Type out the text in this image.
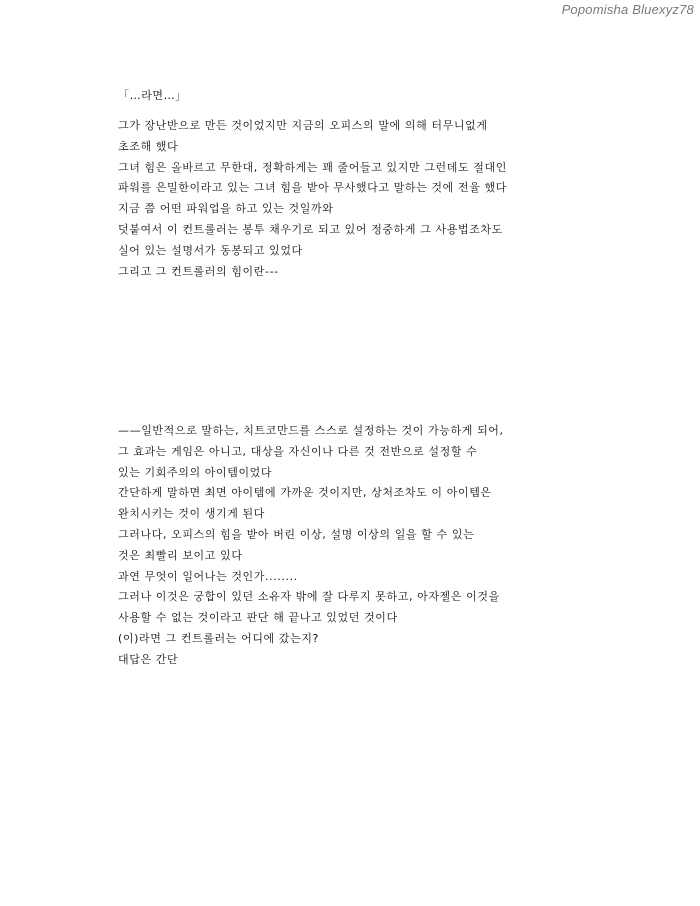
Popomisha Bluexyz78
「…라면…」
그가 장난반으로 만든 것이었지만 지금의 오피스의 말에 의해 터무니없게
초조해 했다
그녀 힘은 올바르고 무한대, 정확하게는 꽤 줄어들고 있지만 그런데도 절대인
파워를 은밀한이라고 있는 그녀 힘을 받아 무사했다고 말하는 것에 전율 했다
지금 쯤 어떤 파워업을 하고 있는 것일까와
덧붙여서 이 컨트롤러는 봉투 채우기로 되고 있어 정중하게 그 사용법조차도
실어 있는 설명서가 동봉되고 있었다
그리고 그 컨트롤러의 힘이란---
——일반적으로 말하는, 치트코만드를 스스로 설정하는 것이 가능하게 되어,
그 효과는 게임은 아니고, 대상을 자신이나 다른 것 전반으로 설정할 수
있는 기회주의의 아이템이었다
간단하게 말하면 최면 아이템에 가까운 것이지만, 상처조차도 이 아이템은
완치시키는 것이 생기게 된다
그러나다, 오피스의 힘을 받아 버린 이상, 설명 이상의 일을 할 수 있는
것은 최빨리 보이고 있다
과연 무엇이 일어나는 것인가........
그러나 이것은 궁합이 있던 소유자 밖에 잘 다루지 못하고, 아자젤은 이것을
사용할 수 없는 것이라고 판단 해 끝나고 있었던 것이다
(이)라면 그 컨트롤러는 어디에 갔는지?
대답은 간단
